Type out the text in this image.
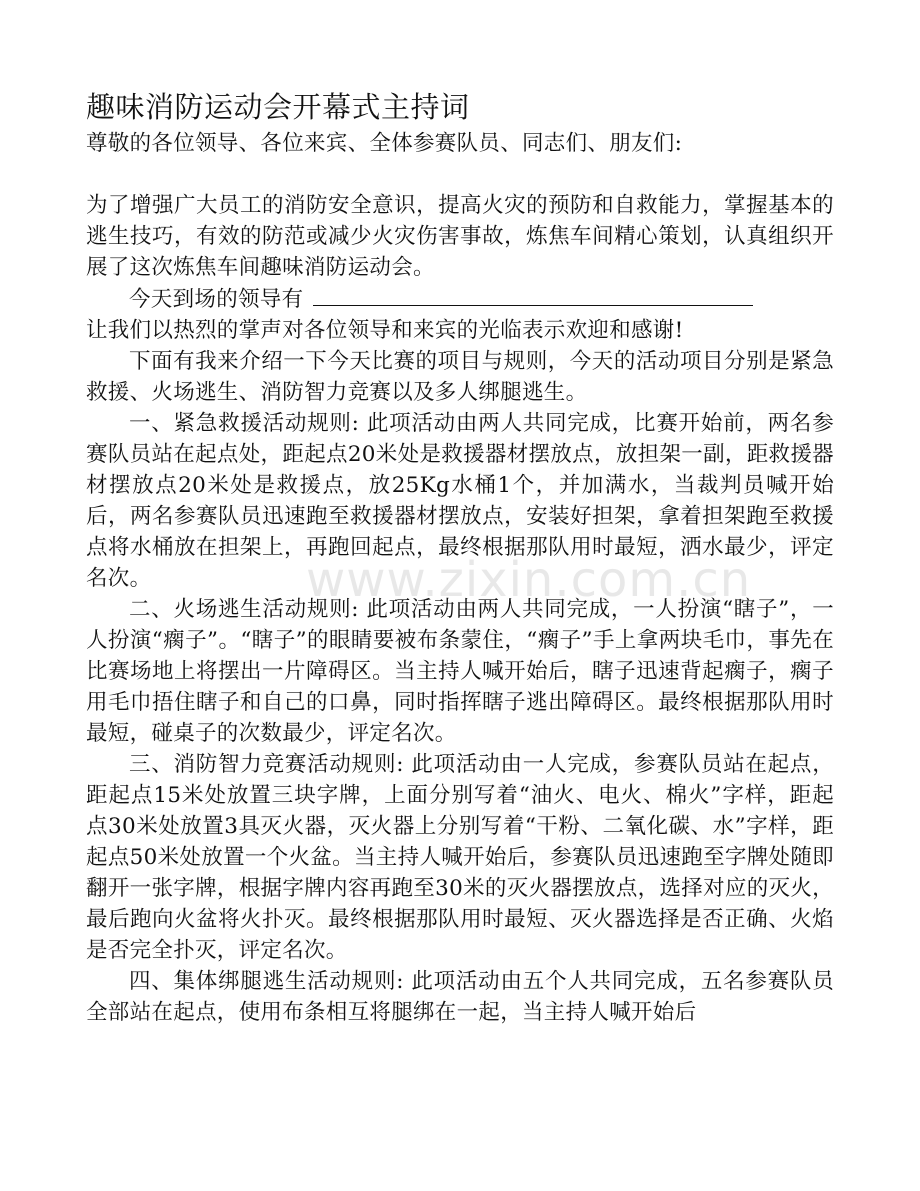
趣味消防运动会开幕式主持词

尊敬的各位领导、各位来宾、全体参赛队员、同志们、朋友们:

为了增强广大员工的消防安全意识，提高火灾的预防和自救能力，掌握基本的逃生技巧，有效的防范或减少火灾伤害事故，炼焦车间精心策划，认真组织开展了这次炼焦车间趣味消防运动会。

今天到场的领导有

让我们以热烈的掌声对各位领导和来宾的光临表示欢迎和感谢!

下面有我来介绍一下今天比赛的项目与规则，今天的活动项目分别是紧急救援、火场逃生、消防智力竞赛以及多人绑腿逃生。

一、紧急救援活动规则: 此项活动由两人共同完成，比赛开始前，两名参赛队员站在起点处，距起点20米处是救援器材摆放点，放担架一副，距救援器材摆放点20米处是救援点，放25Kg水桶1个，并加满水，当裁判员喊开始后，两名参赛队员迅速跑至救援器材摆放点，安装好担架，拿着担架跑至救援点将水桶放在担架上，再跑回起点，最终根据那队用时最短，洒水最少，评定名次。

二、火场逃生活动规则: 此项活动由两人共同完成，一人扮演“瞎子”，一人扮演“瘸子”。“瞎子”的眼睛要被布条蒙住，“瘸子”手上拿两块毛巾，事先在比赛场地上将摆出一片障碍区。当主持人喊开始后，瞎子迅速背起瘸子，瘸子用毛巾捂住瞎子和自己的口鼻，同时指挥瞎子逃出障碍区。最终根据那队用时最短，碰桌子的次数最少，评定名次。

三、消防智力竞赛活动规则: 此项活动由一人完成，参赛队员站在起点，距起点15米处放置三块字牌，上面分别写着“油火、电火、棉火”字样，距起点30米处放置3具灭火器，灭火器上分别写着“干粉、二氧化碳、水”字样，距起点50米处放置一个火盆。当主持人喊开始后，参赛队员迅速跑至字牌处随即翻开一张字牌，根据字牌内容再跑至30米的灭火器摆放点，选择对应的灭火，最后跑向火盆将火扑灭。最终根据那队用时最短、灭火器选择是否正确、火焰是否完全扑灭，评定名次。

四、集体绑腿逃生活动规则: 此项活动由五个人共同完成，五名参赛队员全部站在起点，使用布条相互将腿绑在一起，当主持人喊开始后

www.zixin.com.cn
